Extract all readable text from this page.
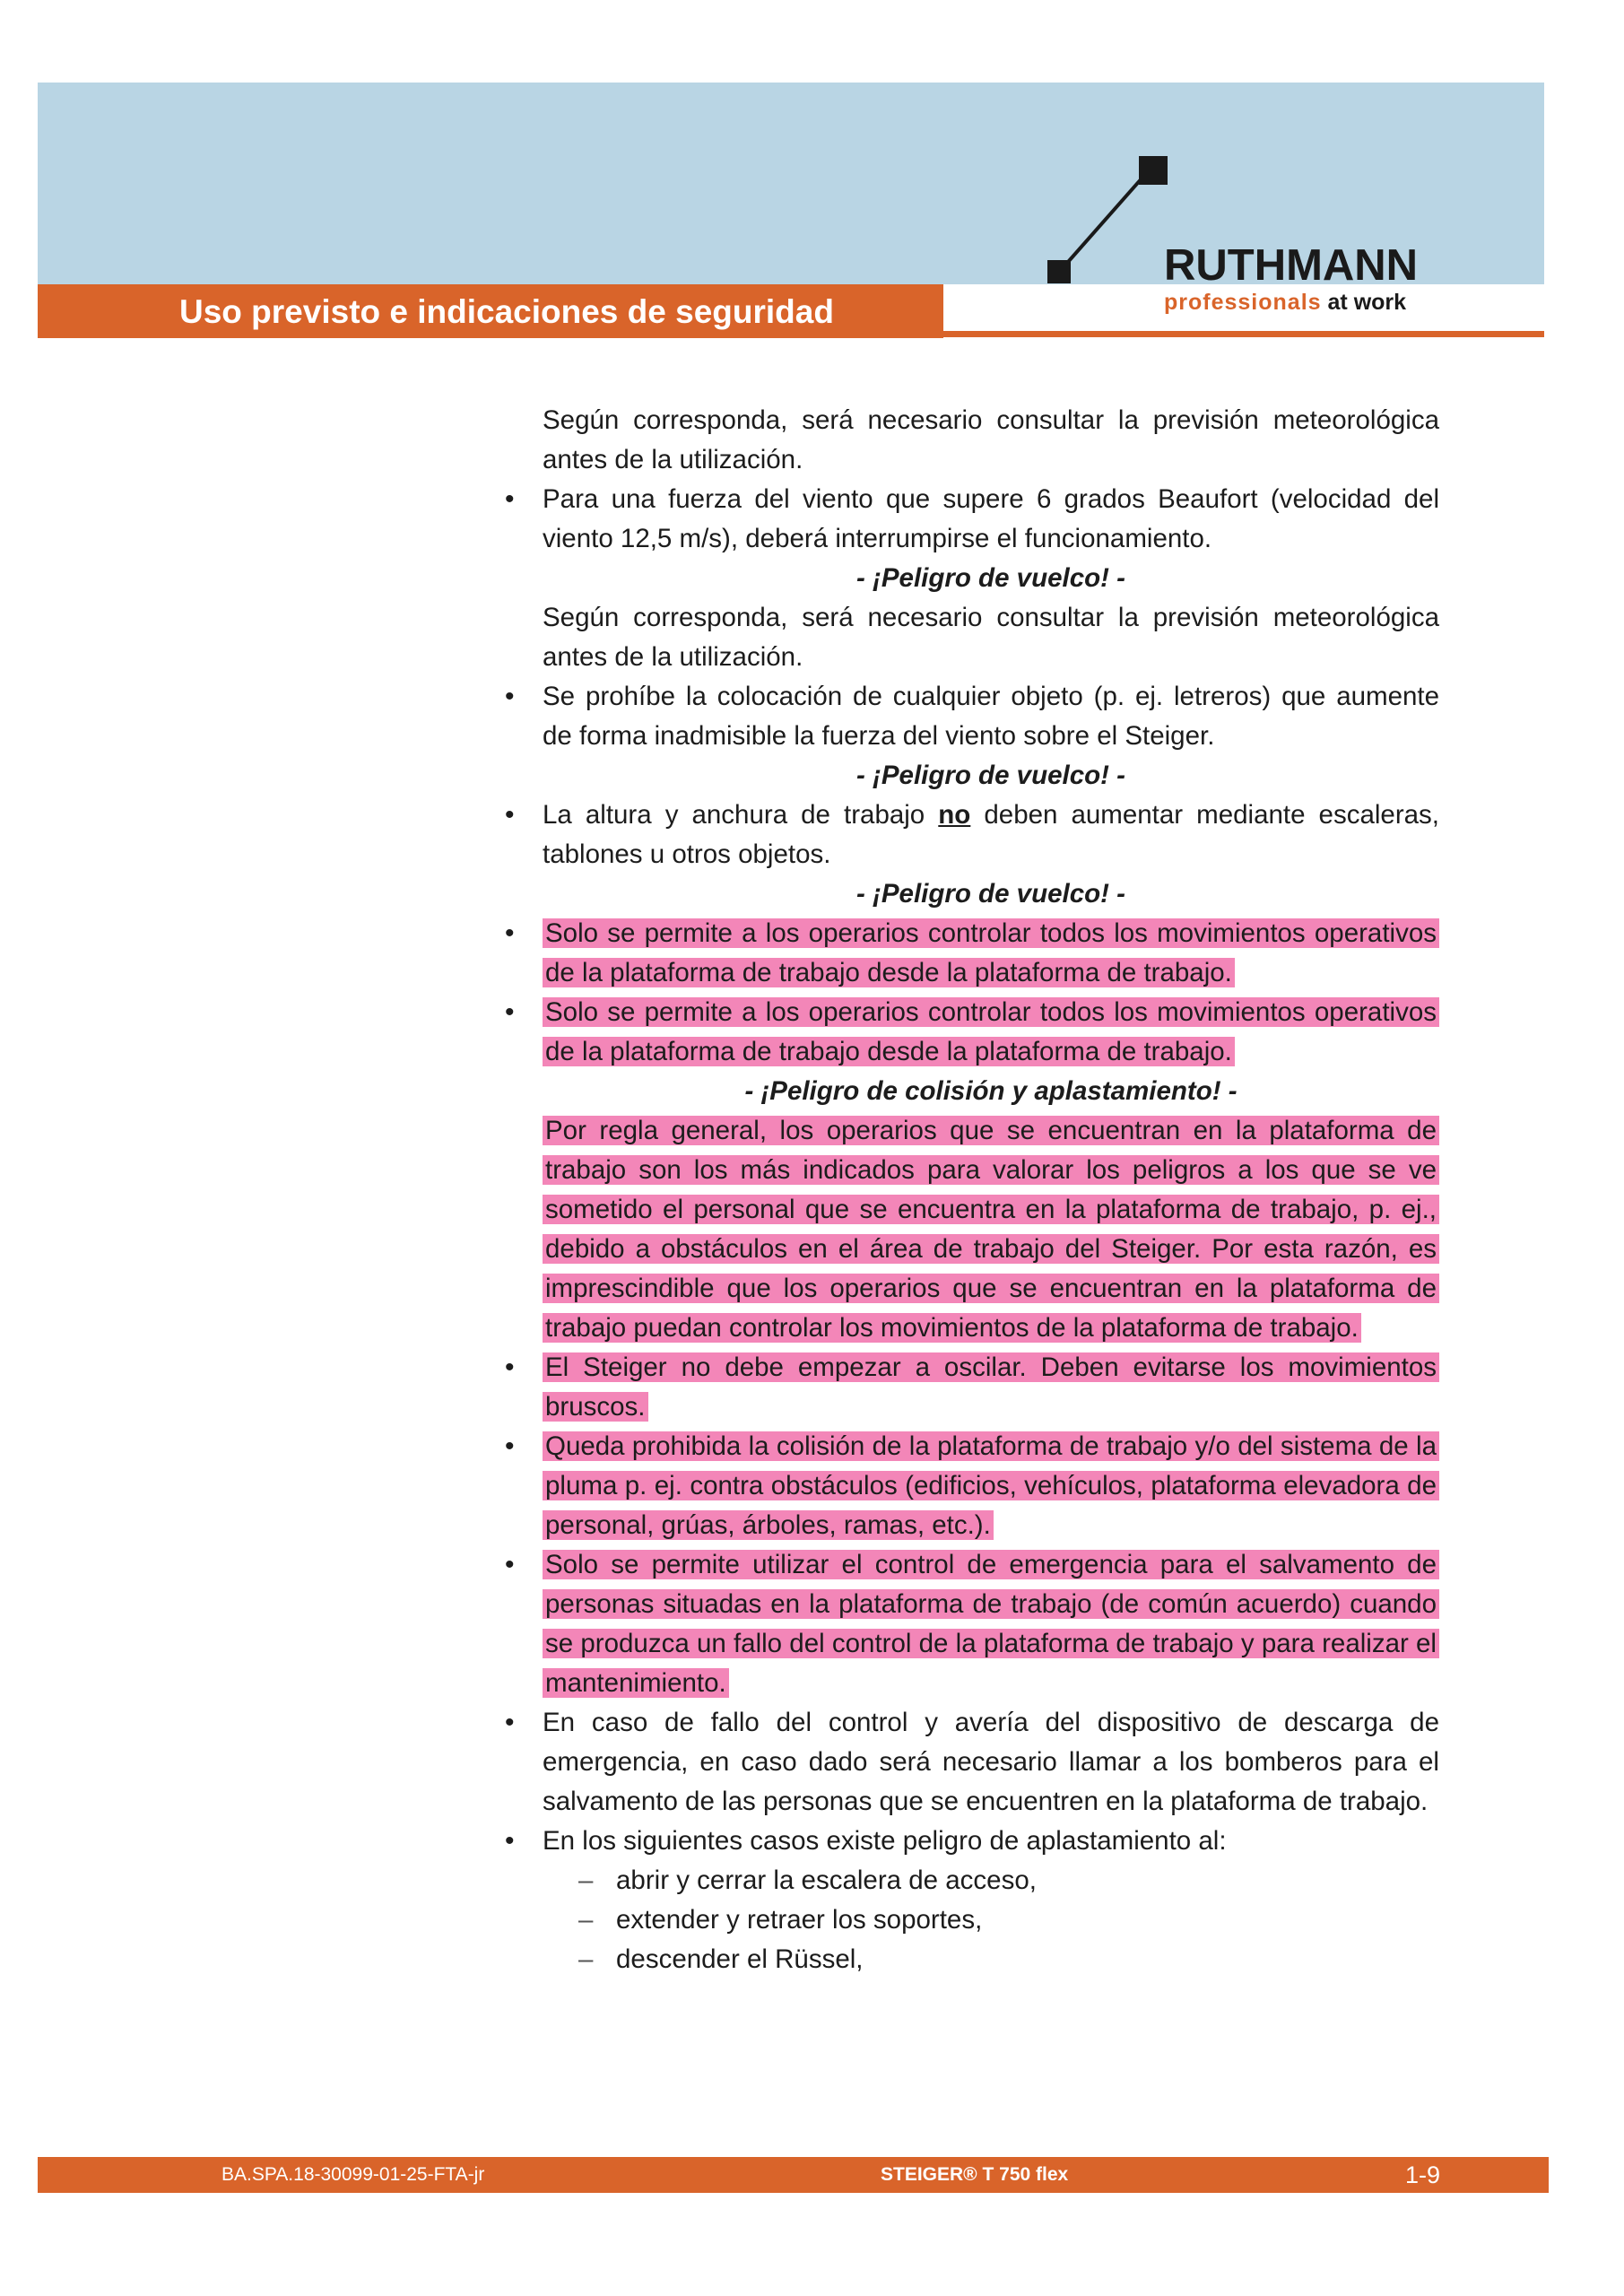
Uso previsto e indicaciones de seguridad
RUTHMANN
professionals at work

Según corresponda, será necesario consultar la previsión meteorológica antes de la utilización.

• Para una fuerza del viento que supere 6 grados Beaufort (velocidad del viento 12,5 m/s), deberá interrumpirse el funcionamiento.

- ¡Peligro de vuelco! -

Según corresponda, será necesario consultar la previsión meteorológica antes de la utilización.

• Se prohíbe la colocación de cualquier objeto (p. ej. letreros) que aumente de forma inadmisible la fuerza del viento sobre el Steiger.

- ¡Peligro de vuelco! -

• La altura y anchura de trabajo no deben aumentar mediante escaleras, tablones u otros objetos.

- ¡Peligro de vuelco! -

• Solo se permite a los operarios controlar todos los movimientos operativos de la plataforma de trabajo desde la plataforma de trabajo.

• Solo se permite a los operarios controlar todos los movimientos operativos de la plataforma de trabajo desde la plataforma de trabajo.

- ¡Peligro de colisión y aplastamiento! -

Por regla general, los operarios que se encuentran en la plataforma de trabajo son los más indicados para valorar los peligros a los que se ve sometido el personal que se encuentra en la plataforma de trabajo, p. ej., debido a obstáculos en el área de trabajo del Steiger. Por esta razón, es imprescindible que los operarios que se encuentran en la plataforma de trabajo puedan controlar los movimientos de la plataforma de trabajo.

• El Steiger no debe empezar a oscilar. Deben evitarse los movimientos bruscos.

• Queda prohibida la colisión de la plataforma de trabajo y/o del sistema de la pluma p. ej. contra obstáculos (edificios, vehículos, plataforma elevadora de personal, grúas, árboles, ramas, etc.).

• Solo se permite utilizar el control de emergencia para el salvamento de personas situadas en la plataforma de trabajo (de común acuerdo) cuando se produzca un fallo del control de la plataforma de trabajo y para realizar el mantenimiento.

• En caso de fallo del control y avería del dispositivo de descarga de emergencia, en caso dado será necesario llamar a los bomberos para el salvamento de las personas que se encuentren en la plataforma de trabajo.

• En los siguientes casos existe peligro de aplastamiento al:

– abrir y cerrar la escalera de acceso,

– extender y retraer los soportes,

– descender el Rüssel,

BA.SPA.18-30099-01-25-FTA-jr	STEIGER® T 750 flex	1-9
